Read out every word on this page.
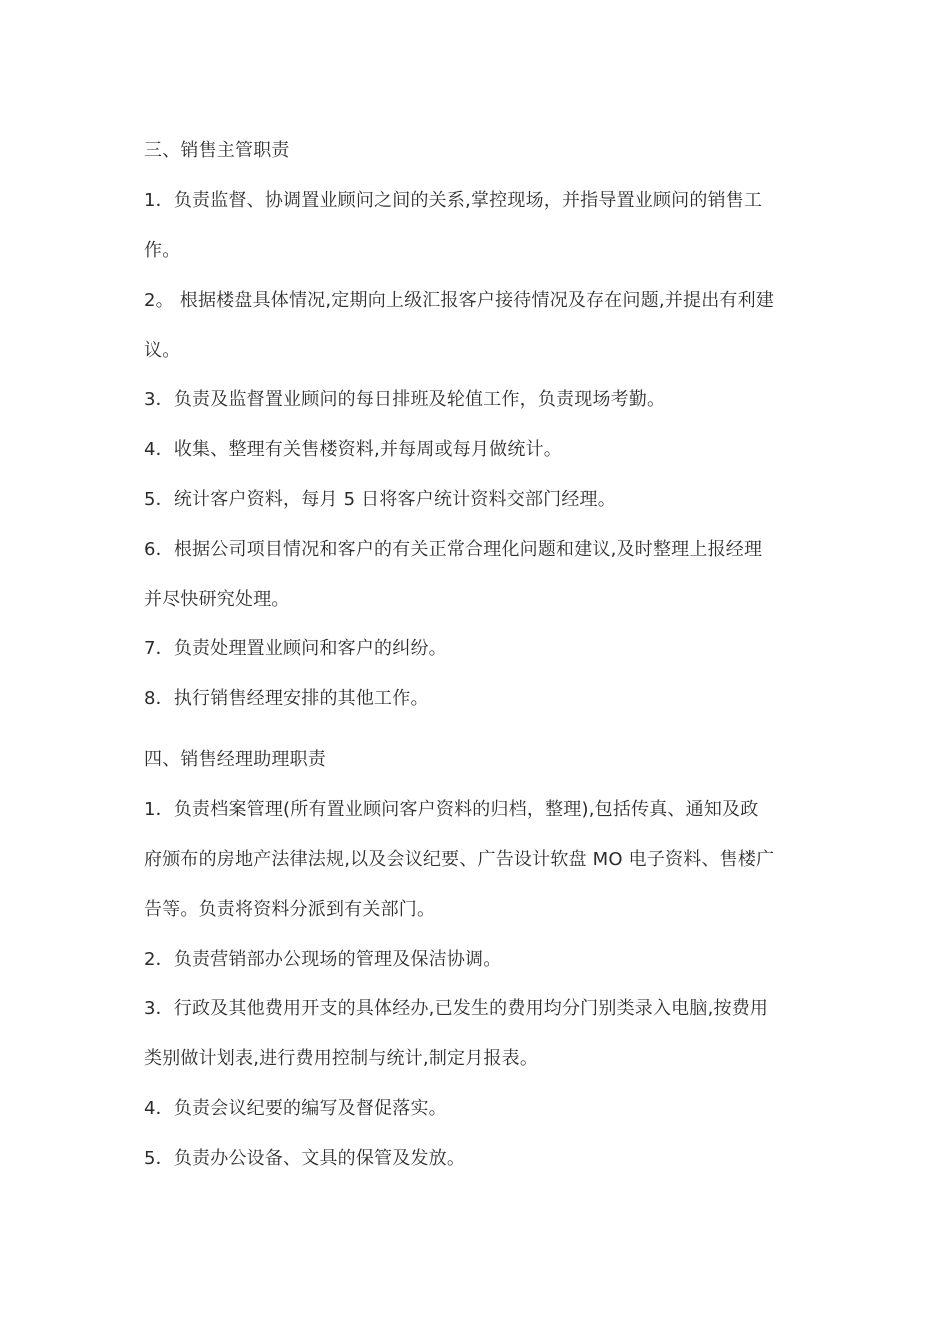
三、销售主管职责
1．负责监督、协调置业顾问之间的关系,掌控现场，并指导置业顾问的销售工
作。
2。 根据楼盘具体情况,定期向上级汇报客户接待情况及存在问题,并提出有利建
议。
3．负责及监督置业顾问的每日排班及轮值工作，负责现场考勤。
4．收集、整理有关售楼资料,并每周或每月做统计。
5．统计客户资料，每月 5 日将客户统计资料交部门经理。
6．根据公司项目情况和客户的有关正常合理化问题和建议,及时整理上报经理
并尽快研究处理。
7．负责处理置业顾问和客户的纠纷。
8．执行销售经理安排的其他工作。
四、销售经理助理职责
1．负责档案管理(所有置业顾问客户资料的归档，整理),包括传真、通知及政
府颁布的房地产法律法规,以及会议纪要、广告设计软盘 MO 电子资料、售楼广
告等。负责将资料分派到有关部门。
2．负责营销部办公现场的管理及保洁协调。
3．行政及其他费用开支的具体经办,已发生的费用均分门别类录入电脑,按费用
类别做计划表,进行费用控制与统计,制定月报表。
4．负责会议纪要的编写及督促落实。
5．负责办公设备、文具的保管及发放。
